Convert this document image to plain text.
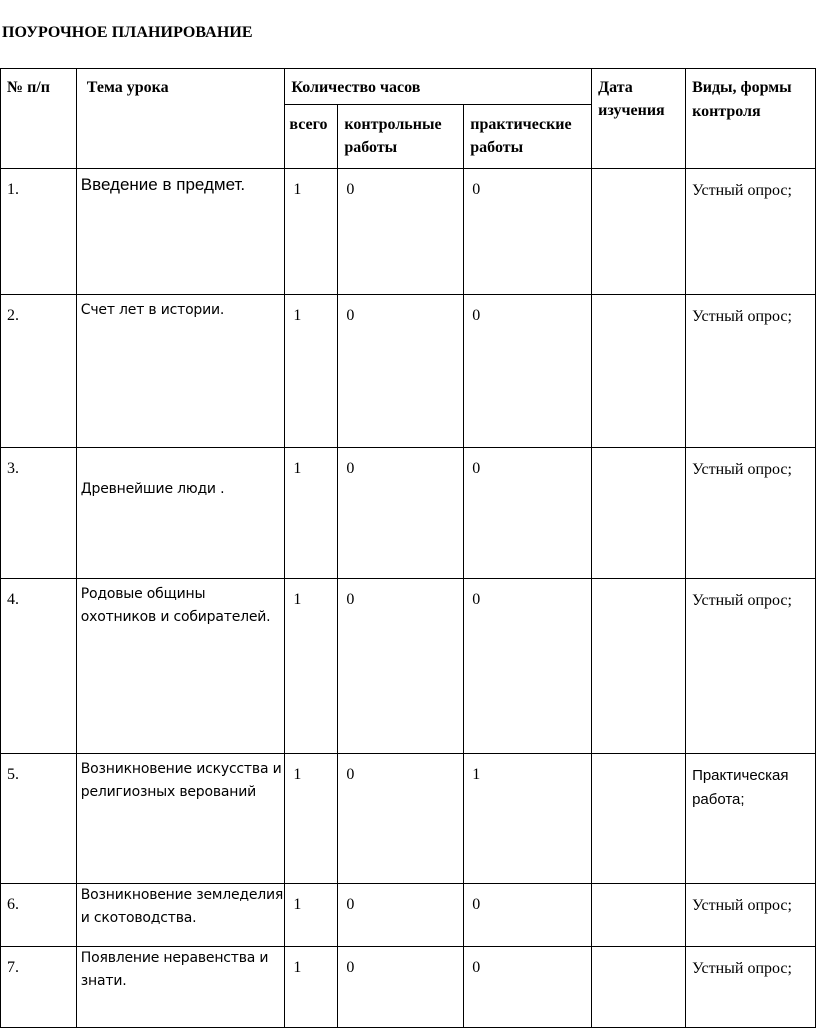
ПОУРОЧНОЕ ПЛАНИРОВАНИЕ
№ п/п	Тема урока	Количество часов			Дата изучения	Виды, формы контроля
		всего	контрольные работы	практические работы		
1.	Введение в предмет.	1	0	0		Устный опрос;
2.	Счет лет в истории.	1	0	0		Устный опрос;
3.	Древнейшие люди .	1	0	0		Устный опрос;
4.	Родовые общины охотников и собирателей.	1	0	0		Устный опрос;
5.	Возникновение искусства и религиозных верований	1	0	1		Практическая работа;
6.	Возникновение земледелия и скотоводства.	1	0	0		Устный опрос;
7.	Появление неравенства и знати.	1	0	0		Устный опрос;
